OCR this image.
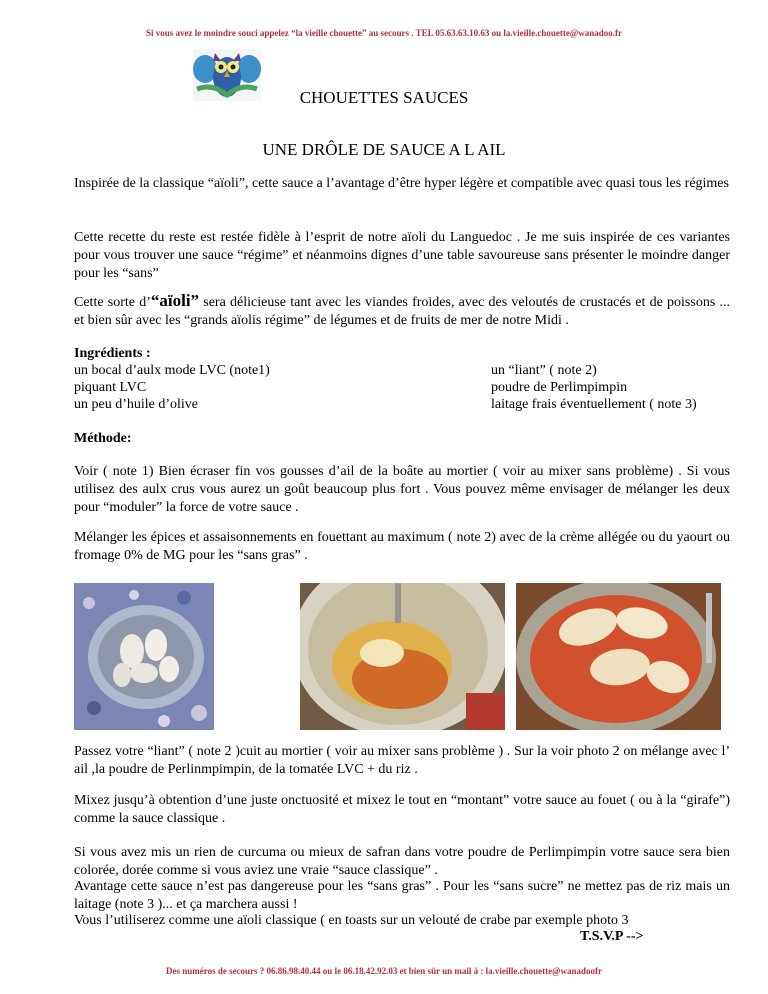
Si vous avez le moindre souci appelez “la vieille chouette” au secours . TEL 05.63.63.10.63 ou la.vieille.chouette@wanadoo.fr
CHOUETTES SAUCES
UNE DRÔLE DE SAUCE A L AIL
Inspirée de la classique “aïoli”, cette sauce a l’avantage d’être hyper légère et compatible avec quasi tous les régimes
Cette recette du reste est restée fidèle à l’esprit de notre aïoli du Languedoc . Je me suis inspirée de ces variantes pour vous trouver une sauce “régime” et néanmoins dignes d’une table savoureuse sans présenter le moindre danger pour les “sans”
Cette sorte d’“aïoli” sera délicieuse tant avec les viandes froides, avec des veloutés de crustacés et de poissons ... et bien sûr avec les “grands aïolis régime” de légumes et de fruits de mer de notre Midi .
Ingrédients :
un bocal d’aulx mode LVC (note1)
piquant LVC
un peu d’huile d’olive
un “liant” ( note 2)
poudre de Perlimpimpin
laitage frais éventuellement ( note 3)
Méthode:
Voir ( note 1) Bien écraser fin vos gousses d’ail de la boâte au mortier ( voir au mixer sans problème) . Si vous utilisez des aulx crus vous aurez un goût beaucoup plus fort . Vous pouvez même envisager de mélanger les deux pour “moduler” la force de votre sauce .
Mélanger les épices et assaisonnements en fouettant au maximum ( note 2) avec de la crème allégée ou du yaourt ou fromage 0% de MG pour les “sans gras” .
Passez votre “liant” ( note 2 )cuit au mortier ( voir au mixer sans problème ) . Sur la voir photo 2 on mélange avec l’ ail ,la poudre de Perlinmpimpin, de la tomatée LVC + du riz .
Mixez jusqu’à obtention d’une juste onctuosité et mixez le tout en “montant” votre sauce au fouet ( ou à la “girafe”) comme la sauce classique .
Si vous avez mis un rien de curcuma ou mieux de safran dans votre poudre de Perlimpimpin votre sauce sera bien colorée, dorée comme si vous aviez une vraie “sauce classique” .
Avantage cette sauce n’est pas dangereuse pour les “sans gras” . Pour les “sans sucre” ne mettez pas de riz mais un laitage (note 3 )... et ça marchera aussi !
Vous l’utiliserez comme une aïoli classique ( en toasts sur un velouté de crabe par exemple photo 3
T.S.V.P -->
Des numéros de secours ? 06.86.98.40.44 ou le 06.18.42.92.03 et bien sûr un mail à : la.vieille.chouette@wanadoofr
